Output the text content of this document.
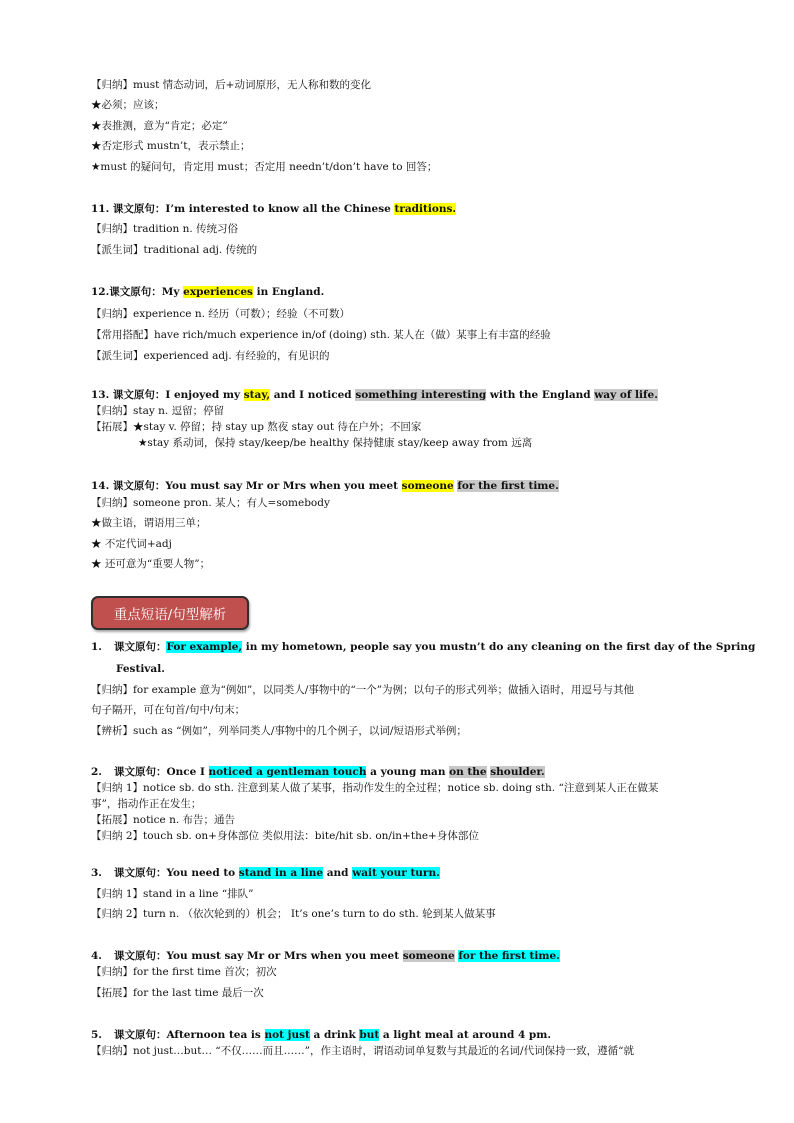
【归纳】must 情态动词，后+动词原形，无人称和数的变化
★必须；应该；
★表推测，意为“肯定；必定”
★否定形式 mustn’t，表示禁止；
★must 的疑问句，肯定用 must；否定用 needn’t/don’t have to 回答；
11. 课文原句：I’m interested to know all the Chinese traditions.
【归纳】tradition n. 传统习俗
【派生词】traditional adj. 传统的
12.课文原句：My experiences in England.
【归纳】experience n. 经历（可数）；经验（不可数）
【常用搭配】have rich/much experience in/of (doing) sth. 某人在（做）某事上有丰富的经验
【派生词】experienced adj. 有经验的，有见识的
13. 课文原句：I enjoyed my stay, and I noticed something interesting with the England way of life.
【归纳】stay n. 逗留；停留
【拓展】★stay v. 停留；持 stay up 熬夜 stay out 待在户外；不回家
★stay 系动词，保持 stay/keep/be healthy 保持健康 stay/keep away from 远离
14. 课文原句：You must say Mr or Mrs when you meet someone for the first time.
【归纳】someone pron. 某人；有人=somebody
★做主语，谓语用三单；
★ 不定代词+adj
★ 还可意为“重要人物”；
重点短语/句型解析
1. 课文原句：For example, in my hometown, people say you mustn’t do any cleaning on the first day of the Spring
Festival.
【归纳】for example 意为“例如”，以同类人/事物中的“一个”为例；以句子的形式列举；做插入语时，用逗号与其他
句子隔开，可在句首/句中/句末；
【辨析】such as “例如”，列举同类人/事物中的几个例子，以词/短语形式举例；
2. 课文原句：Once I noticed a gentleman touch a young man on the shoulder.
【归纳 1】notice sb. do sth. 注意到某人做了某事，指动作发生的全过程；notice sb. doing sth. “注意到某人正在做某
事”，指动作正在发生；
【拓展】notice n. 布告；通告
【归纳 2】touch sb. on+身体部位 类似用法：bite/hit sb. on/in+the+身体部位
3. 课文原句：You need to stand in a line and wait your turn.
【归纳 1】stand in a line “排队”
【归纳 2】turn n. （依次轮到的）机会； It’s one’s turn to do sth. 轮到某人做某事
4. 课文原句：You must say Mr or Mrs when you meet someone for the first time.
【归纳】for the first time 首次；初次
【拓展】for the last time 最后一次
5. 课文原句：Afternoon tea is not just a drink but a light meal at around 4 pm.
【归纳】not just…but… “不仅……而且……”，作主语时，谓语动词单复数与其最近的名词/代词保持一致，遵循“就
